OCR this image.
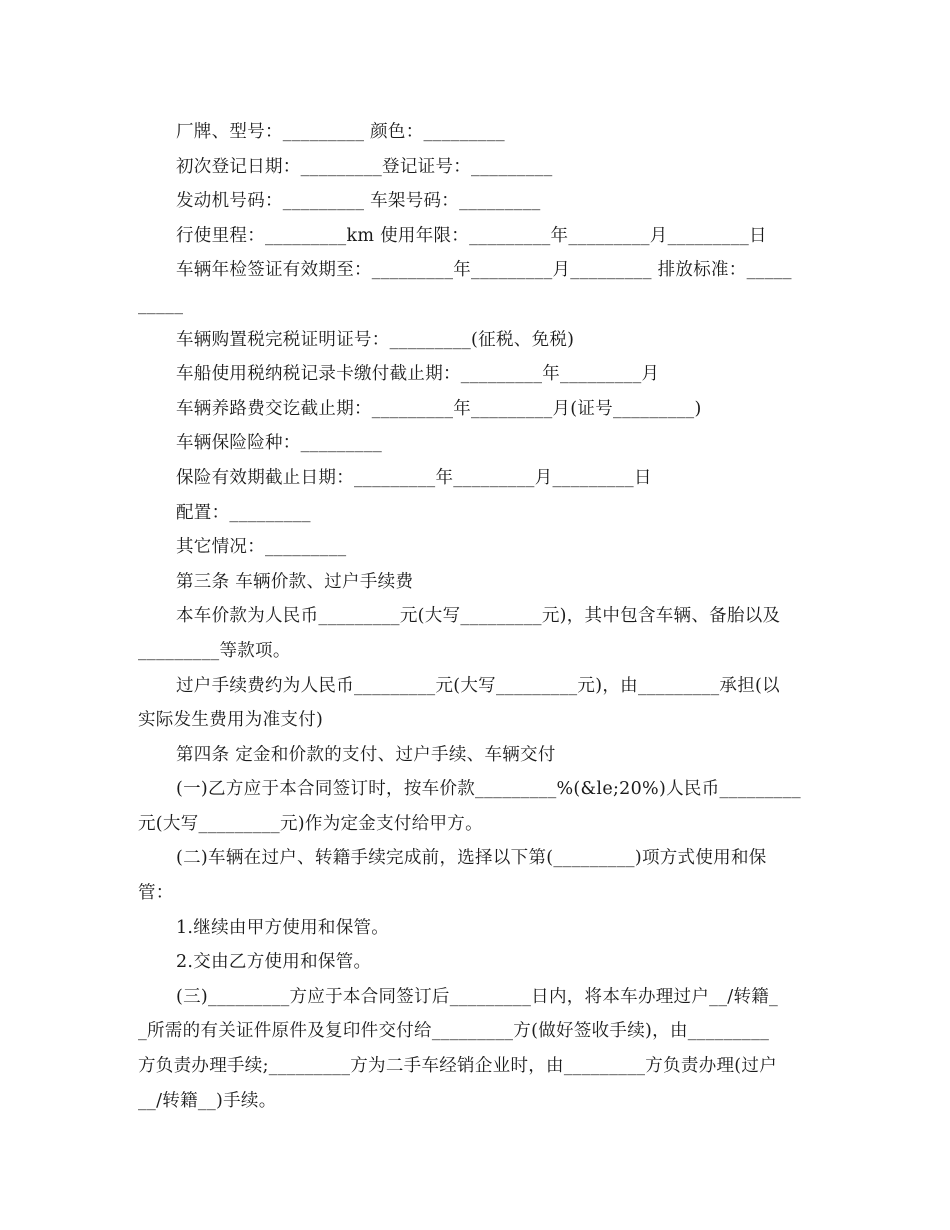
厂牌、型号：_________ 颜色：_________
初次登记日期：_________登记证号：_________
发动机号码：_________ 车架号码：_________
行使里程：_________km 使用年限：_________年_________月_________日
车辆年检签证有效期至：_________年_________月_________ 排放标准：_____
_____
车辆购置税完税证明证号：_________(征税、免税)
车船使用税纳税记录卡缴付截止期：_________年_________月
车辆养路费交讫截止期：_________年_________月(证号_________)
车辆保险险种：_________
保险有效期截止日期：_________年_________月_________日
配置：_________
其它情况：_________
第三条 车辆价款、过户手续费
本车价款为人民币_________元(大写_________元)，其中包含车辆、备胎以及
_________等款项。
过户手续费约为人民币_________元(大写_________元)，由_________承担(以
实际发生费用为准支付)
第四条 定金和价款的支付、过户手续、车辆交付
(一)乙方应于本合同签订时，按车价款_________%(&le;20%)人民币_________
元(大写_________元)作为定金支付给甲方。
(二)车辆在过户、转籍手续完成前，选择以下第(_________)项方式使用和保
管：
1.继续由甲方使用和保管。
2.交由乙方使用和保管。
(三)_________方应于本合同签订后_________日内，将本车办理过户__/转籍_
_所需的有关证件原件及复印件交付给_________方(做好签收手续)，由_________
方负责办理手续;_________方为二手车经销企业时，由_________方负责办理(过户
__/转籍__)手续。
